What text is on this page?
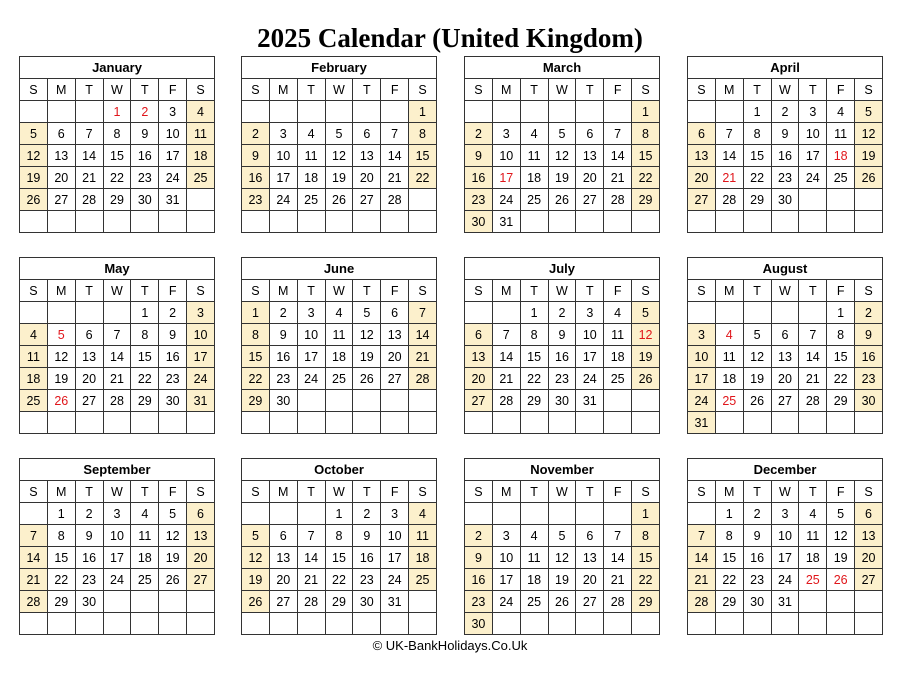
2025 Calendar (United Kingdom)
January						
S	M	T	W	T	F	S
			1	2	3	4
5	6	7	8	9	10	11
12	13	14	15	16	17	18
19	20	21	22	23	24	25
26	27	28	29	30	31	

February						
S	M	T	W	T	F	S
						1
2	3	4	5	6	7	8
9	10	11	12	13	14	15
16	17	18	19	20	21	22
23	24	25	26	27	28	

March						
S	M	T	W	T	F	S
						1
2	3	4	5	6	7	8
9	10	11	12	13	14	15
16	17	18	19	20	21	22
23	24	25	26	27	28	29
30	31					
April						
S	M	T	W	T	F	S
		1	2	3	4	5
6	7	8	9	10	11	12
13	14	15	16	17	18	19
20	21	22	23	24	25	26
27	28	29	30			

May						
S	M	T	W	T	F	S
				1	2	3
4	5	6	7	8	9	10
11	12	13	14	15	16	17
18	19	20	21	22	23	24
25	26	27	28	29	30	31

June						
S	M	T	W	T	F	S
1	2	3	4	5	6	7
8	9	10	11	12	13	14
15	16	17	18	19	20	21
22	23	24	25	26	27	28
29	30					

July						
S	M	T	W	T	F	S
		1	2	3	4	5
6	7	8	9	10	11	12
13	14	15	16	17	18	19
20	21	22	23	24	25	26
27	28	29	30	31		

August						
S	M	T	W	T	F	S
					1	2
3	4	5	6	7	8	9
10	11	12	13	14	15	16
17	18	19	20	21	22	23
24	25	26	27	28	29	30
31						
September						
S	M	T	W	T	F	S
	1	2	3	4	5	6
7	8	9	10	11	12	13
14	15	16	17	18	19	20
21	22	23	24	25	26	27
28	29	30				

October						
S	M	T	W	T	F	S
			1	2	3	4
5	6	7	8	9	10	11
12	13	14	15	16	17	18
19	20	21	22	23	24	25
26	27	28	29	30	31	

November						
S	M	T	W	T	F	S
						1
2	3	4	5	6	7	8
9	10	11	12	13	14	15
16	17	18	19	20	21	22
23	24	25	26	27	28	29
30						
December						
S	M	T	W	T	F	S
	1	2	3	4	5	6
7	8	9	10	11	12	13
14	15	16	17	18	19	20
21	22	23	24	25	26	27
28	29	30	31			

© UK-BankHolidays.Co.Uk
